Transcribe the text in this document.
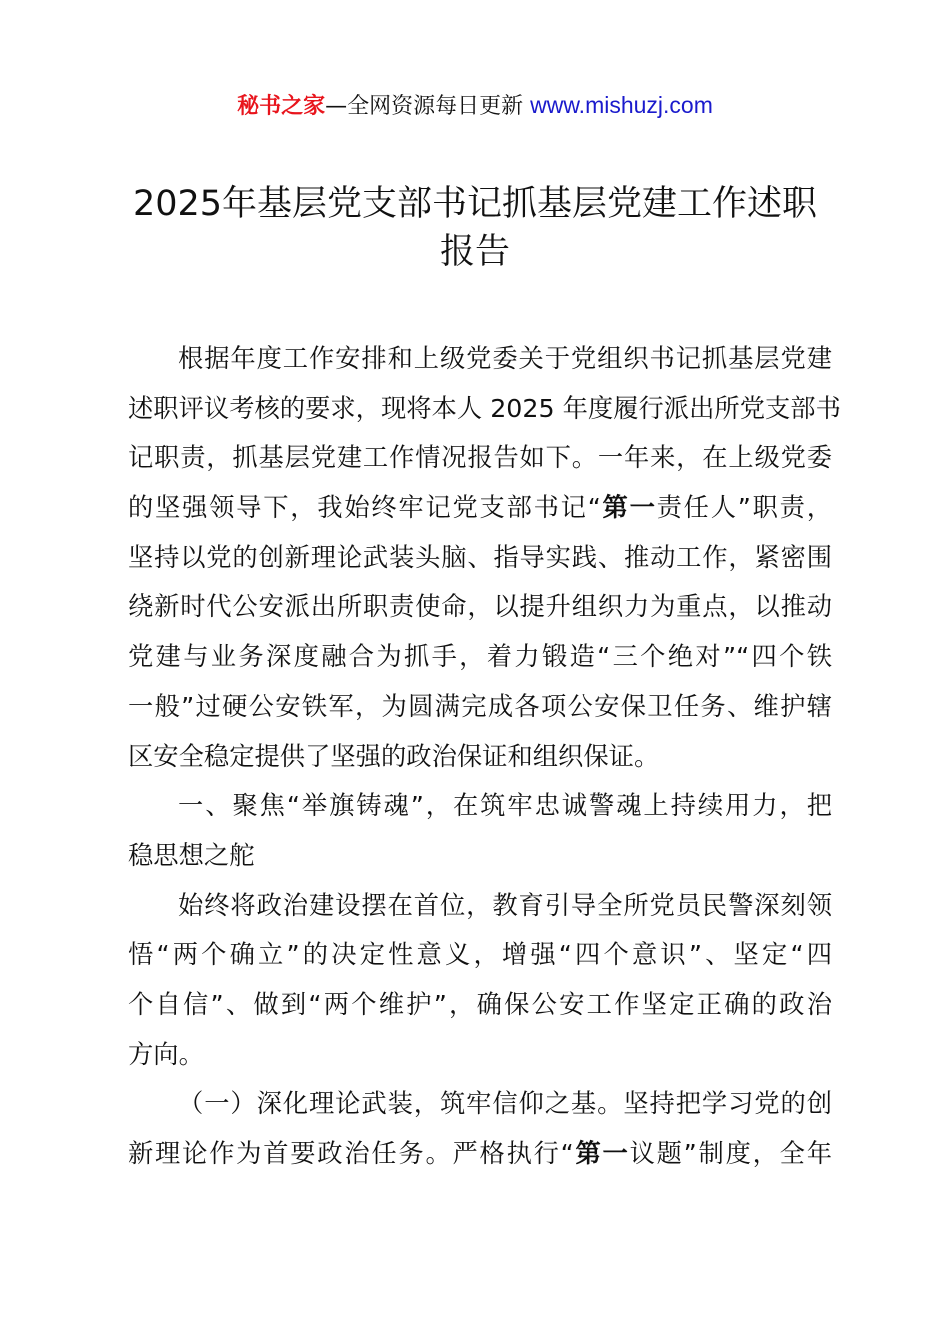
秘书之家—全网资源每日更新 www.mishuzj.com
2025年基层党支部书记抓基层党建工作述职
报告
根据年度工作安排和上级党委关于党组织书记抓基层党建
述职评议考核的要求，现将本人 2025 年度履行派出所党支部书
记职责，抓基层党建工作情况报告如下。一年来，在上级党委
的坚强领导下，我始终牢记党支部书记“第一责任人”职责，
坚持以党的创新理论武装头脑、指导实践、推动工作，紧密围
绕新时代公安派出所职责使命，以提升组织力为重点，以推动
党建与业务深度融合为抓手，着力锻造“三个绝对”“四个铁
一般”过硬公安铁军，为圆满完成各项公安保卫任务、维护辖
区安全稳定提供了坚强的政治保证和组织保证。
一、聚焦“举旗铸魂”，在筑牢忠诚警魂上持续用力，把
稳思想之舵
始终将政治建设摆在首位，教育引导全所党员民警深刻领
悟“两个确立”的决定性意义，增强“四个意识”、坚定“四
个自信”、做到“两个维护”，确保公安工作坚定正确的政治
方向。
（一）深化理论武装，筑牢信仰之基。坚持把学习党的创
新理论作为首要政治任务。严格执行“第一议题”制度，全年
